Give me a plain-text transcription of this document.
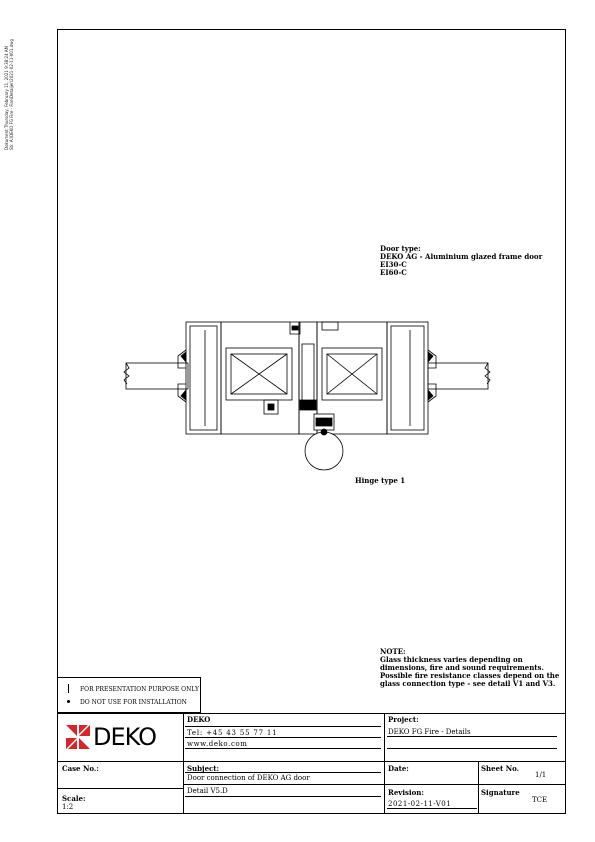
Dokument Thursday, February 11, 2021 9:38:24 AM Sti: A:\DEKO FG Fire - Fire\Detaljer\2021-02-11-V01.dwg
Door type:
DEKO AG - Aluminium glazed frame door
EI30-C
EI60-C
Hinge type 1
NOTE:
Glass thickness varies depending on
dimensions, fire and sound requirements.
Possible fire resistance classes depend on the
glass connection type - see detail V1 and V3.
FOR PRESENTATION PURPOSE ONLY
DO NOT USE FOR INSTALLATION
DEKO
DEKO
Tel: +45 43 55 77 11
www.deko.com
Project:
DEKO FG Fire - Details
Case No.:	Subject:
Door connection of DEKO AG door
Date:	Sheet No.
1/1
Detail V5.D
Scale:
1:2
Revision:
2021-02-11-V01
Signature
TCE
